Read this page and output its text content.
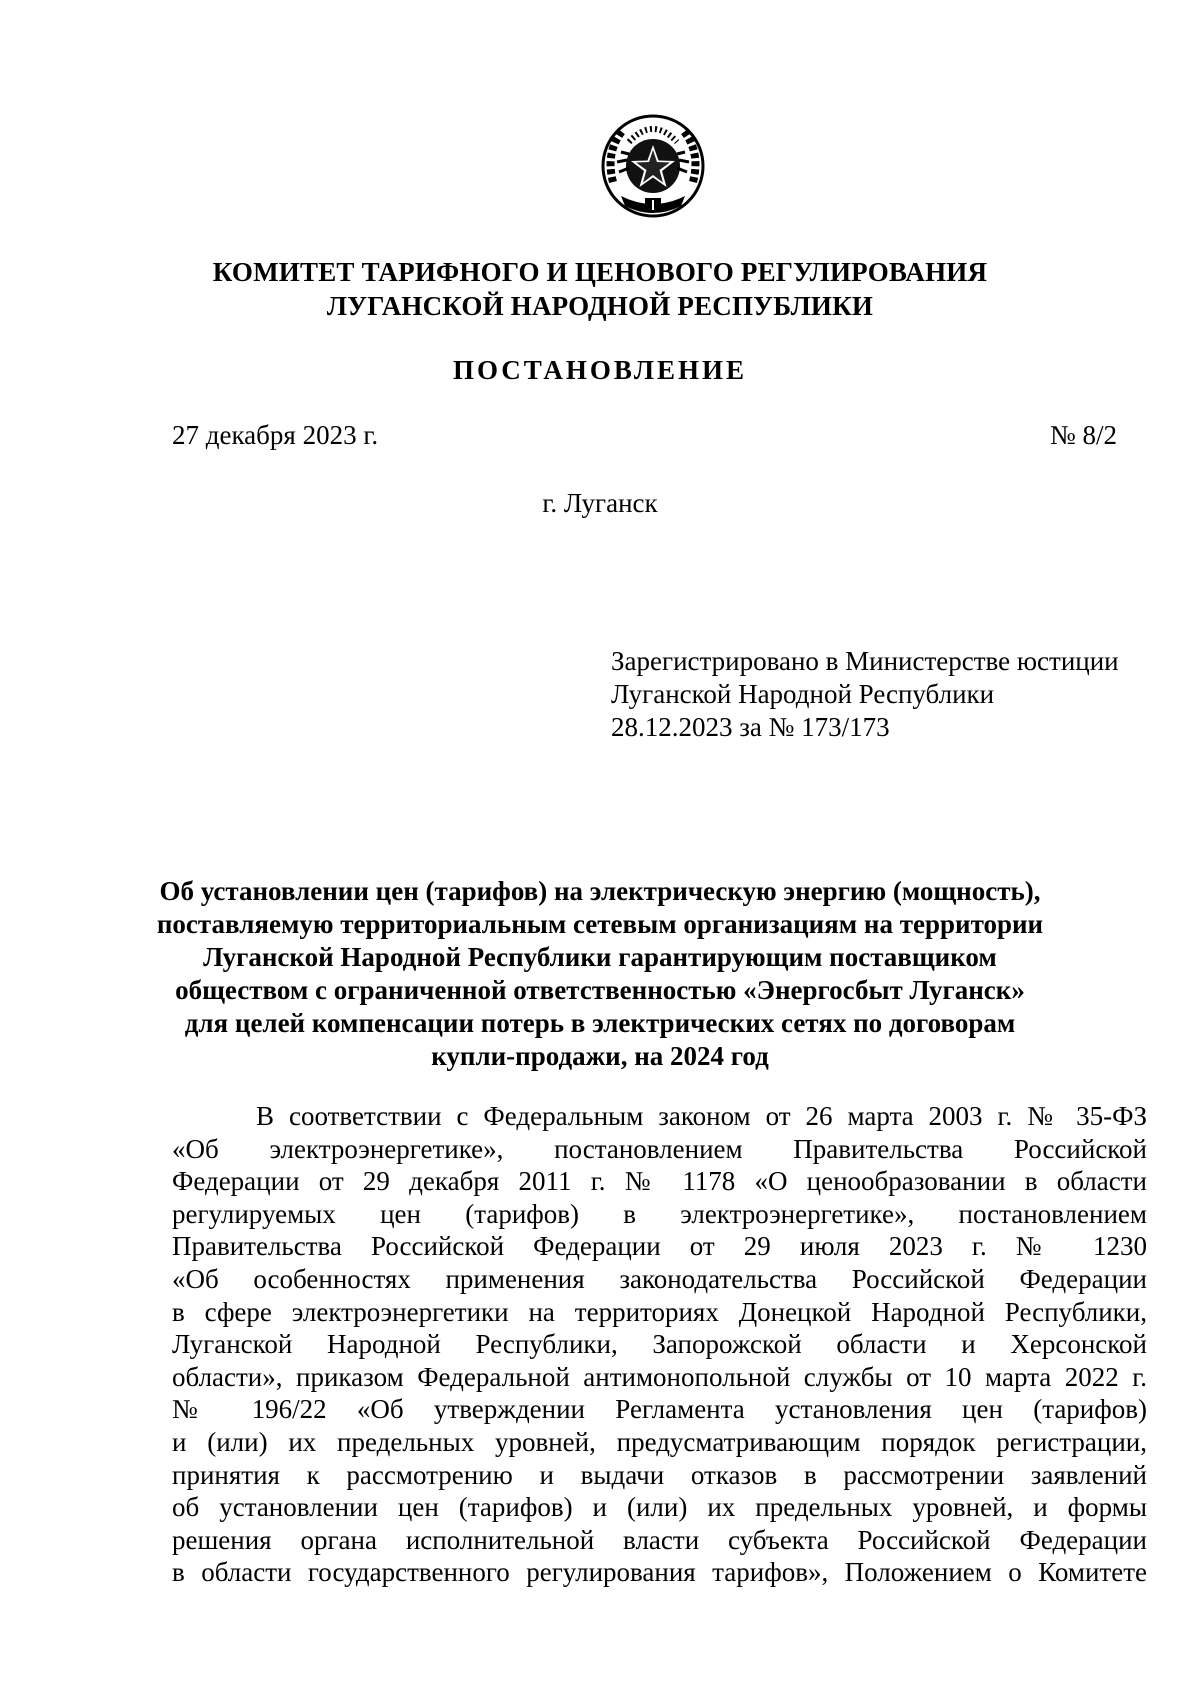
КОМИТЕТ ТАРИФНОГО И ЦЕНОВОГО РЕГУЛИРОВАНИЯ
ЛУГАНСКОЙ НАРОДНОЙ РЕСПУБЛИКИ
ПОСТАНОВЛЕНИЕ
27 декабря 2023 г.	№ 8/2
г. Луганск
Зарегистрировано в Министерстве юстиции
Луганской Народной Республики
28.12.2023 за № 173/173
Об установлении цен (тарифов) на электрическую энергию (мощность),
поставляемую территориальным сетевым организациям на территории
Луганской Народной Республики гарантирующим поставщиком
обществом с ограниченной ответственностью «Энергосбыт Луганск»
для целей компенсации потерь в электрических сетях по договорам
купли-продажи, на 2024 год
В соответствии с Федеральным законом от 26 марта 2003 г. № 35-ФЗ
«Об электроэнергетике», постановлением Правительства Российской
Федерации от 29 декабря 2011 г. № 1178 «О ценообразовании в области
регулируемых цен (тарифов) в электроэнергетике», постановлением
Правительства Российской Федерации от 29 июля 2023 г. № 1230
«Об особенностях применения законодательства Российской Федерации
в сфере электроэнергетики на территориях Донецкой Народной Республики,
Луганской Народной Республики, Запорожской области и Херсонской
области», приказом Федеральной антимонопольной службы от 10 марта 2022 г.
№ 196/22 «Об утверждении Регламента установления цен (тарифов)
и (или) их предельных уровней, предусматривающим порядок регистрации,
принятия к рассмотрению и выдачи отказов в рассмотрении заявлений
об установлении цен (тарифов) и (или) их предельных уровней, и формы
решения органа исполнительной власти субъекта Российской Федерации
в области государственного регулирования тарифов», Положением о Комитете
